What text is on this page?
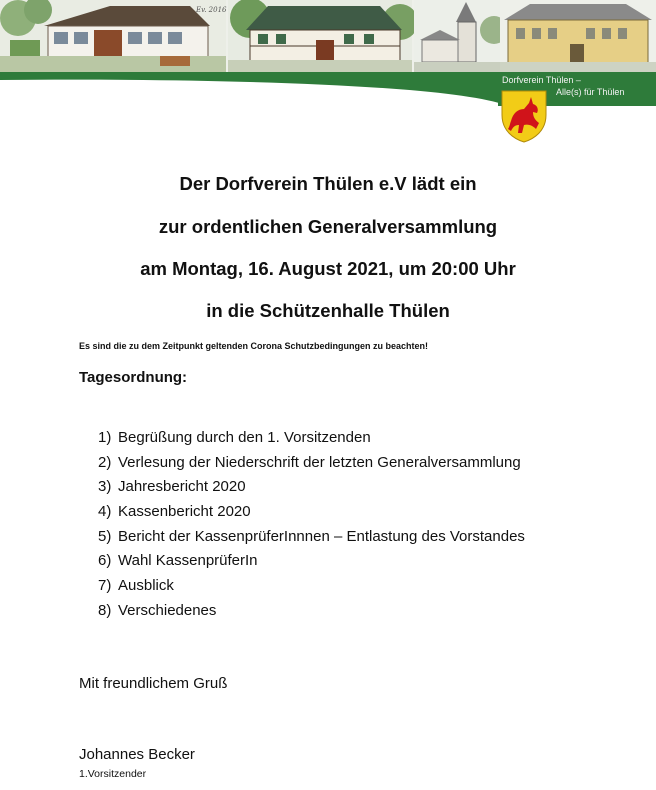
Ev. 2016
Dorfverein Thülen –
Alle(s) für Thülen
Der Dorfverein Thülen e.V lädt ein
zur ordentlichen Generalversammlung
am Montag, 16. August 2021, um 20:00 Uhr
in die Schützenhalle Thülen
Es sind die zu dem Zeitpunkt geltenden Corona Schutzbedingungen zu beachten!
Tagesordnung:
1) Begrüßung durch den 1. Vorsitzenden
2) Verlesung der Niederschrift der letzten Generalversammlung
3) Jahresbericht 2020
4) Kassenbericht 2020
5) Bericht der KassenprüferInnnen – Entlastung des Vorstandes
6) Wahl KassenprüferIn
7) Ausblick
8) Verschiedenes
Mit freundlichem Gruß
Johannes Becker
1.Vorsitzender
